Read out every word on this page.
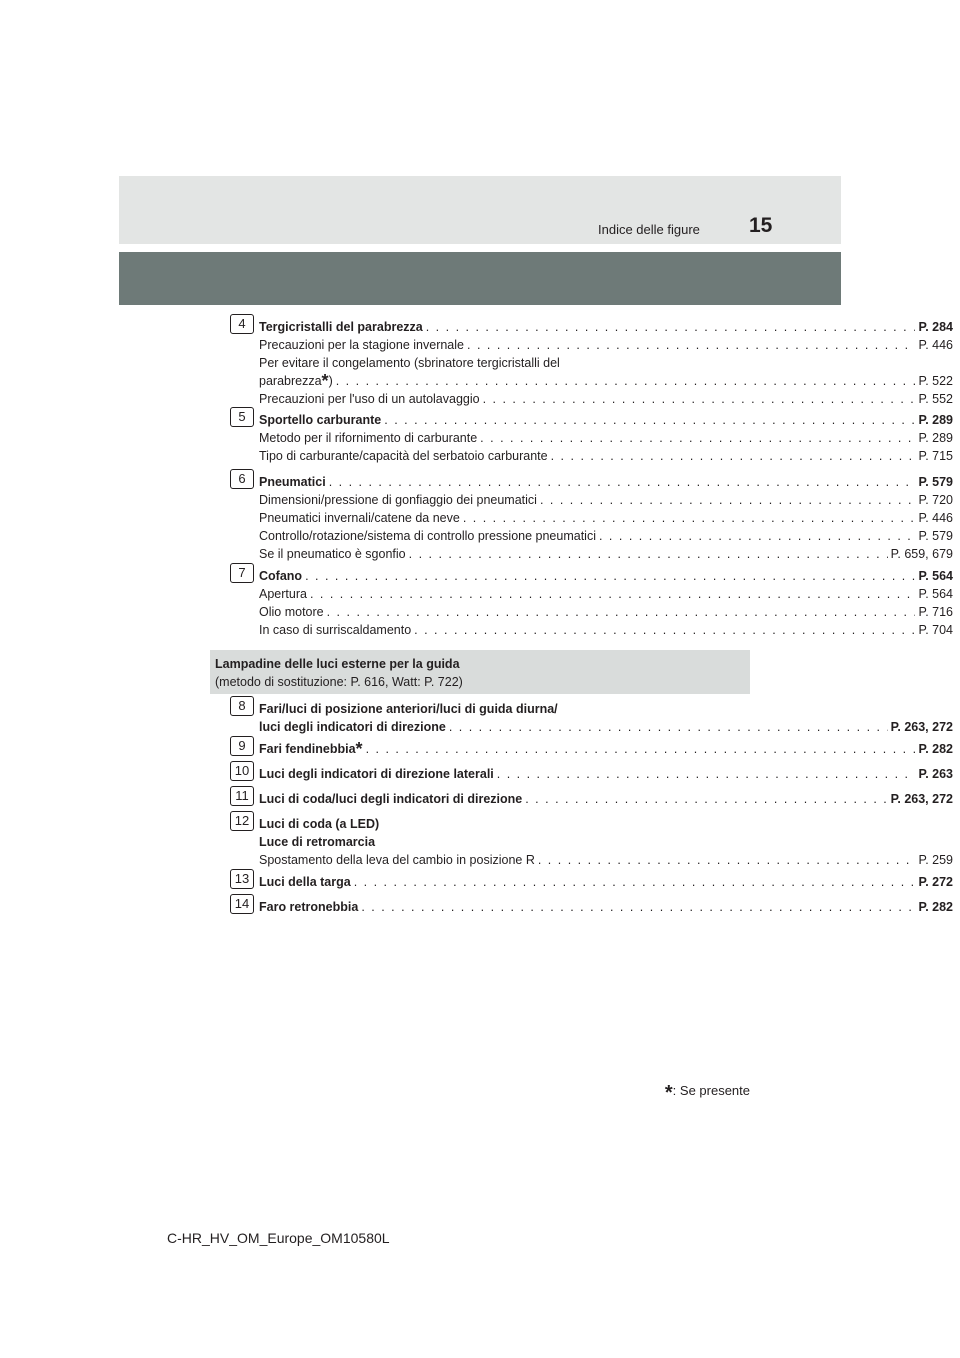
15
Indice delle figure
4	Tergicristalli del parabrezza . . .	P. 284
Precauzioni per la stagione invernale . . .	P. 446
Per evitare il congelamento (sbrinatore tergicristalli del
parabrezza*) . . .	P. 522
Precauzioni per l'uso di un autolavaggio . . .	P. 552
5	Sportello carburante . . .	P. 289
Metodo per il rifornimento di carburante . . .	P. 289
Tipo di carburante/capacità del serbatoio carburante . . .	P. 715
6	Pneumatici . . .	P. 579
Dimensioni/pressione di gonfiaggio dei pneumatici . . .	P. 720
Pneumatici invernali/catene da neve . . .	P. 446
Controllo/rotazione/sistema di controllo pressione pneumatici . . .	P. 579
Se il pneumatico è sgonfio . . .	P. 659, 679
7	Cofano . . .	P. 564
Apertura . . .	P. 564
Olio motore . . .	P. 716
In caso di surriscaldamento . . .	P. 704
Lampadine delle luci esterne per la guida
(metodo di sostituzione: P. 616, Watt: P. 722)
8	Fari/luci di posizione anteriori/luci di guida diurna/
luci degli indicatori di direzione . . .	P. 263, 272
9	Fari fendinebbia* . . .	P. 282
10 Luci degli indicatori di direzione laterali . . .	P. 263
11 Luci di coda/luci degli indicatori di direzione . . .	P. 263, 272
12 Luci di coda (a LED)
Luce di retromarcia
Spostamento della leva del cambio in posizione R . . .	P. 259
13 Luci della targa . . .	P. 272
14 Faro retronebbia . . .	P. 282
*: Se presente
C-HR_HV_OM_Europe_OM10580L
